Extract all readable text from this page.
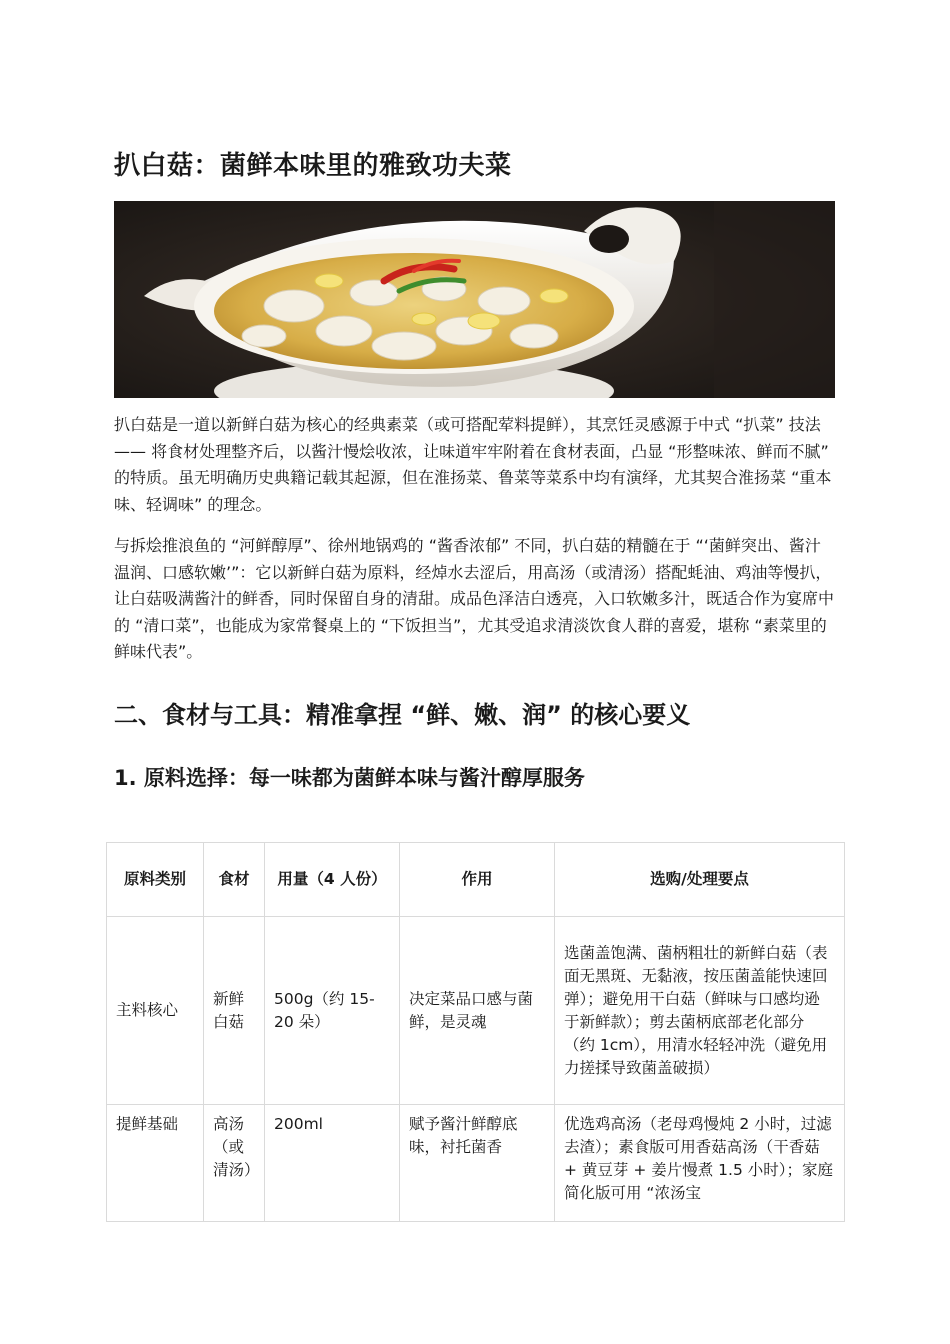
扒白菇：菌鲜本味里的雅致功夫菜

扒白菇是一道以新鲜白菇为核心的经典素菜（或可搭配荤料提鲜），其烹饪灵感源于中式 “扒菜” 技法 —— 将食材处理整齐后，以酱汁慢烩收浓，让味道牢牢附着在食材表面，凸显 “形整味浓、鲜而不腻” 的特质。虽无明确历史典籍记载其起源，但在淮扬菜、鲁菜等菜系中均有演绎，尤其契合淮扬菜 “重本味、轻调味” 的理念。

与拆烩推浪鱼的 “河鲜醇厚”、徐州地锅鸡的 “酱香浓郁” 不同，扒白菇的精髓在于 “‘菌鲜突出、酱汁温润、口感软嫩’”：它以新鲜白菇为原料，经焯水去涩后，用高汤（或清汤）搭配蚝油、鸡油等慢扒，让白菇吸满酱汁的鲜香，同时保留自身的清甜。成品色泽洁白透亮，入口软嫩多汁，既适合作为宴席中的 “清口菜”，也能成为家常餐桌上的 “下饭担当”，尤其受追求清淡饮食人群的喜爱，堪称 “素菜里的鲜味代表”。

二、食材与工具：精准拿捏 “鲜、嫩、润” 的核心要义
1. 原料选择：每一味都为菌鲜本味与酱汁醇厚服务
原料类别	食材	用量（4 人份）	作用	选购/处理要点
主料核心	新鲜白菇	500g（约 15-20 朵）	决定菜品口感与菌鲜，是灵魂	选菌盖饱满、菌柄粗壮的新鲜白菇（表面无黑斑、无黏液，按压菌盖能快速回弹）；避免用干白菇（鲜味与口感均逊于新鲜款）；剪去菌柄底部老化部分（约 1cm），用清水轻轻冲洗（避免用力搓揉导致菌盖破损）
提鲜基础	高汤（或清汤）	200ml	赋予酱汁鲜醇底味，衬托菌香	优选鸡高汤（老母鸡慢炖 2 小时，过滤去渣）；素食版可用香菇高汤（干香菇 + 黄豆芽 + 姜片慢煮 1.5 小时）；家庭简化版可用 “浓汤宝
